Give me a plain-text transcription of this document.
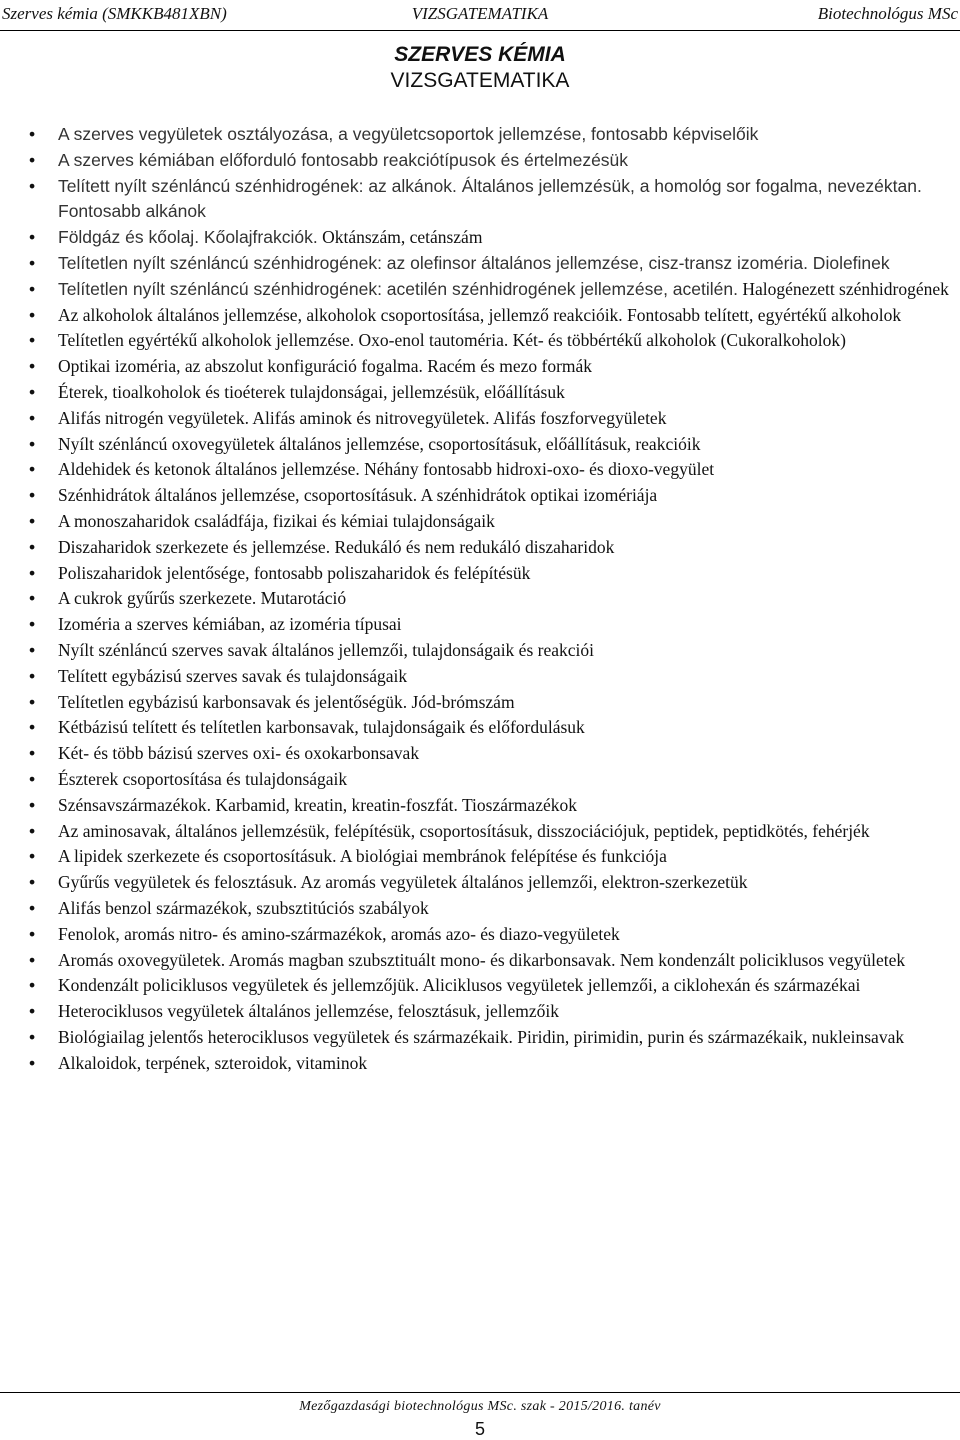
Szerves kémia (SMKKB481XBN)	VIZSGATEMATIKA	Biotechnológus MSc
SZERVES KÉMIA
VIZSGATEMATIKA
• A szerves vegyületek osztályozása, a vegyületcsoportok jellemzése, fontosabb képviselőik
• A szerves kémiában előforduló fontosabb reakciótípusok és értelmezésük
• Telített nyílt szénláncú szénhidrogének: az alkánok. Általános jellemzésük, a homológ sor fogalma, nevezéktan. Fontosabb alkánok
• Földgáz és kőolaj. Kőolajfrakciók. Oktánszám, cetánszám
• Telítetlen nyílt szénláncú szénhidrogének: az olefinsor általános jellemzése, cisz-transz izoméria. Diolefinek
• Telítetlen nyílt szénláncú szénhidrogének: acetilén szénhidrogének jellemzése, acetilén. Halogénezett szénhidrogének
• Az alkoholok általános jellemzése, alkoholok csoportosítása, jellemző reakcióik. Fontosabb telített, egyértékű alkoholok
• Telítetlen egyértékű alkoholok jellemzése. Oxo-enol tautoméria. Két- és többértékű alkoholok (Cukoralkoholok)
• Optikai izoméria, az abszolut konfiguráció fogalma. Racém és mezo formák
• Éterek, tioalkoholok és tioéterek tulajdonságai, jellemzésük, előállításuk
• Alifás nitrogén vegyületek. Alifás aminok és nitrovegyületek. Alifás foszforvegyületek
• Nyílt szénláncú oxovegyületek általános jellemzése, csoportosításuk, előállításuk, reakcióik
• Aldehidek és ketonok általános jellemzése. Néhány fontosabb hidroxi-oxo- és dioxo-vegyület
• Szénhidrátok általános jellemzése, csoportosításuk. A szénhidrátok optikai izomériája
• A monoszaharidok családfája, fizikai és kémiai tulajdonságaik
• Diszaharidok szerkezete és jellemzése. Redukáló és nem redukáló diszaharidok
• Poliszaharidok jelentősége, fontosabb poliszaharidok és felépítésük
• A cukrok gyűrűs szerkezete. Mutarotáció
• Izoméria a szerves kémiában, az izoméria típusai
• Nyílt szénláncú szerves savak általános jellemzői, tulajdonságaik és reakciói
• Telített egybázisú szerves savak és tulajdonságaik
• Telítetlen egybázisú karbonsavak és jelentőségük. Jód-brómszám
• Kétbázisú telített és telítetlen karbonsavak, tulajdonságaik és előfordulásuk
• Két- és több bázisú szerves oxi- és oxokarbonsavak
• Észterek csoportosítása és tulajdonságaik
• Szénsavszármazékok. Karbamid, kreatin, kreatin-foszfát. Tioszármazékok
• Az aminosavak, általános jellemzésük, felépítésük, csoportosításuk, disszociációjuk, peptidek, peptidkötés, fehérjék
• A lipidek szerkezete és csoportosításuk. A biológiai membránok felépítése és funkciója
• Gyűrűs vegyületek és felosztásuk. Az aromás vegyületek általános jellemzői, elektron-szerkezetük
• Alifás benzol származékok, szubsztitúciós szabályok
• Fenolok, aromás nitro- és amino-származékok, aromás azo- és diazo-vegyületek
• Aromás oxovegyületek. Aromás magban szubsztituált mono- és dikarbonsavak. Nem kondenzált policiklusos vegyületek
• Kondenzált policiklusos vegyületek és jellemzőjük. Aliciklusos vegyületek jellemzői, a ciklohexán és származékai
• Heterociklusos vegyületek általános jellemzése, felosztásuk, jellemzőik
• Biológiailag jelentős heterociklusos vegyületek és származékaik. Piridin, pirimidin, purin és származékaik, nukleinsavak
• Alkaloidok, terpének, szteroidok, vitaminok
Mezőgazdasági biotechnológus MSc. szak - 2015/2016. tanév
5
